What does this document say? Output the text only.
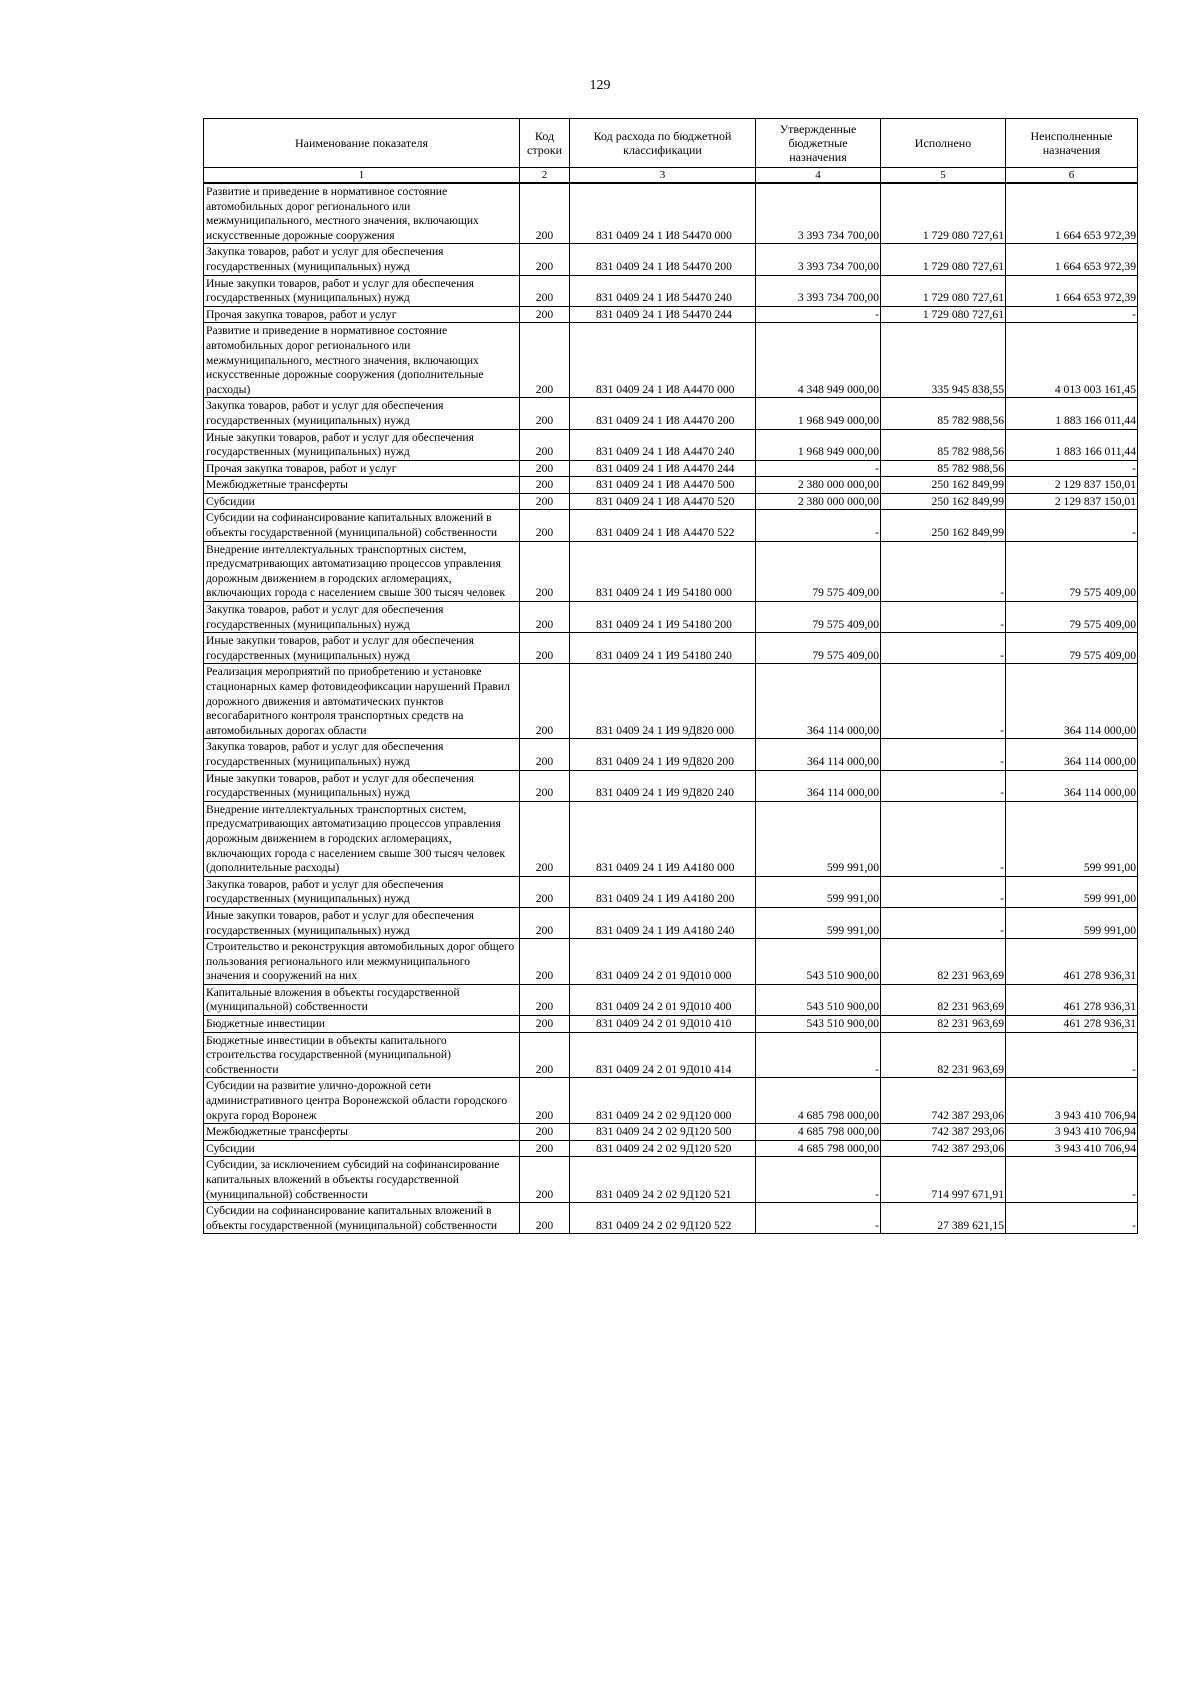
129
Наименование показателя	Код строки	Код расхода по бюджетной классификации	Утвержденные бюджетные назначения	Исполнено	Неисполненные назначения
1	2	3	4	5	6
Развитие и приведение в нормативное состояние автомобильных дорог регионального или межмуниципального, местного значения, включающих искусственные дорожные сооружения	200	831 0409 24 1 И8 54470 000	3 393 734 700,00	1 729 080 727,61	1 664 653 972,39
Закупка товаров, работ и услуг для обеспечения государственных (муниципальных) нужд	200	831 0409 24 1 И8 54470 200	3 393 734 700,00	1 729 080 727,61	1 664 653 972,39
Иные закупки товаров, работ и услуг для обеспечения государственных (муниципальных) нужд	200	831 0409 24 1 И8 54470 240	3 393 734 700,00	1 729 080 727,61	1 664 653 972,39
Прочая закупка товаров, работ и услуг	200	831 0409 24 1 И8 54470 244	-	1 729 080 727,61	-
Развитие и приведение в нормативное состояние автомобильных дорог регионального или межмуниципального, местного значения, включающих искусственные дорожные сооружения (дополнительные расходы)	200	831 0409 24 1 И8 А4470 000	4 348 949 000,00	335 945 838,55	4 013 003 161,45
Закупка товаров, работ и услуг для обеспечения государственных (муниципальных) нужд	200	831 0409 24 1 И8 А4470 200	1 968 949 000,00	85 782 988,56	1 883 166 011,44
Иные закупки товаров, работ и услуг для обеспечения государственных (муниципальных) нужд	200	831 0409 24 1 И8 А4470 240	1 968 949 000,00	85 782 988,56	1 883 166 011,44
Прочая закупка товаров, работ и услуг	200	831 0409 24 1 И8 А4470 244	-	85 782 988,56	-
Межбюджетные трансферты	200	831 0409 24 1 И8 А4470 500	2 380 000 000,00	250 162 849,99	2 129 837 150,01
Субсидии	200	831 0409 24 1 И8 А4470 520	2 380 000 000,00	250 162 849,99	2 129 837 150,01
Субсидии на софинансирование капитальных вложений в объекты государственной (муниципальной) собственности	200	831 0409 24 1 И8 А4470 522	-	250 162 849,99	-
Внедрение интеллектуальных транспортных систем, предусматривающих автоматизацию процессов управления дорожным движением в городских агломерациях, включающих города с населением свыше 300 тысяч человек	200	831 0409 24 1 И9 54180 000	79 575 409,00	-	79 575 409,00
Закупка товаров, работ и услуг для обеспечения государственных (муниципальных) нужд	200	831 0409 24 1 И9 54180 200	79 575 409,00	-	79 575 409,00
Иные закупки товаров, работ и услуг для обеспечения государственных (муниципальных) нужд	200	831 0409 24 1 И9 54180 240	79 575 409,00	-	79 575 409,00
Реализация мероприятий по приобретению и установке стационарных камер фотовидеофиксации нарушений Правил дорожного движения и автоматических пунктов весогабаритного контроля транспортных средств на автомобильных дорогах области	200	831 0409 24 1 И9 9Д820 000	364 114 000,00	-	364 114 000,00
Закупка товаров, работ и услуг для обеспечения государственных (муниципальных) нужд	200	831 0409 24 1 И9 9Д820 200	364 114 000,00	-	364 114 000,00
Иные закупки товаров, работ и услуг для обеспечения государственных (муниципальных) нужд	200	831 0409 24 1 И9 9Д820 240	364 114 000,00	-	364 114 000,00
Внедрение интеллектуальных транспортных систем, предусматривающих автоматизацию процессов управления дорожным движением в городских агломерациях, включающих города с населением свыше 300 тысяч человек (дополнительные расходы)	200	831 0409 24 1 И9 А4180 000	599 991,00	-	599 991,00
Закупка товаров, работ и услуг для обеспечения государственных (муниципальных) нужд	200	831 0409 24 1 И9 А4180 200	599 991,00	-	599 991,00
Иные закупки товаров, работ и услуг для обеспечения государственных (муниципальных) нужд	200	831 0409 24 1 И9 А4180 240	599 991,00	-	599 991,00
Строительство и реконструкция автомобильных дорог общего пользования регионального или межмуниципального значения и сооружений на них	200	831 0409 24 2 01 9Д010 000	543 510 900,00	82 231 963,69	461 278 936,31
Капитальные вложения в объекты государственной (муниципальной) собственности	200	831 0409 24 2 01 9Д010 400	543 510 900,00	82 231 963,69	461 278 936,31
Бюджетные инвестиции	200	831 0409 24 2 01 9Д010 410	543 510 900,00	82 231 963,69	461 278 936,31
Бюджетные инвестиции в объекты капитального строительства государственной (муниципальной) собственности	200	831 0409 24 2 01 9Д010 414	-	82 231 963,69	-
Субсидии на развитие улично-дорожной сети административного центра Воронежской области городского округа город Воронеж	200	831 0409 24 2 02 9Д120 000	4 685 798 000,00	742 387 293,06	3 943 410 706,94
Межбюджетные трансферты	200	831 0409 24 2 02 9Д120 500	4 685 798 000,00	742 387 293,06	3 943 410 706,94
Субсидии	200	831 0409 24 2 02 9Д120 520	4 685 798 000,00	742 387 293,06	3 943 410 706,94
Субсидии, за исключением субсидий на софинансирование капитальных вложений в объекты государственной (муниципальной) собственности	200	831 0409 24 2 02 9Д120 521	-	714 997 671,91	-
Субсидии на софинансирование капитальных вложений в объекты государственной (муниципальной) собственности	200	831 0409 24 2 02 9Д120 522	-	27 389 621,15	-
